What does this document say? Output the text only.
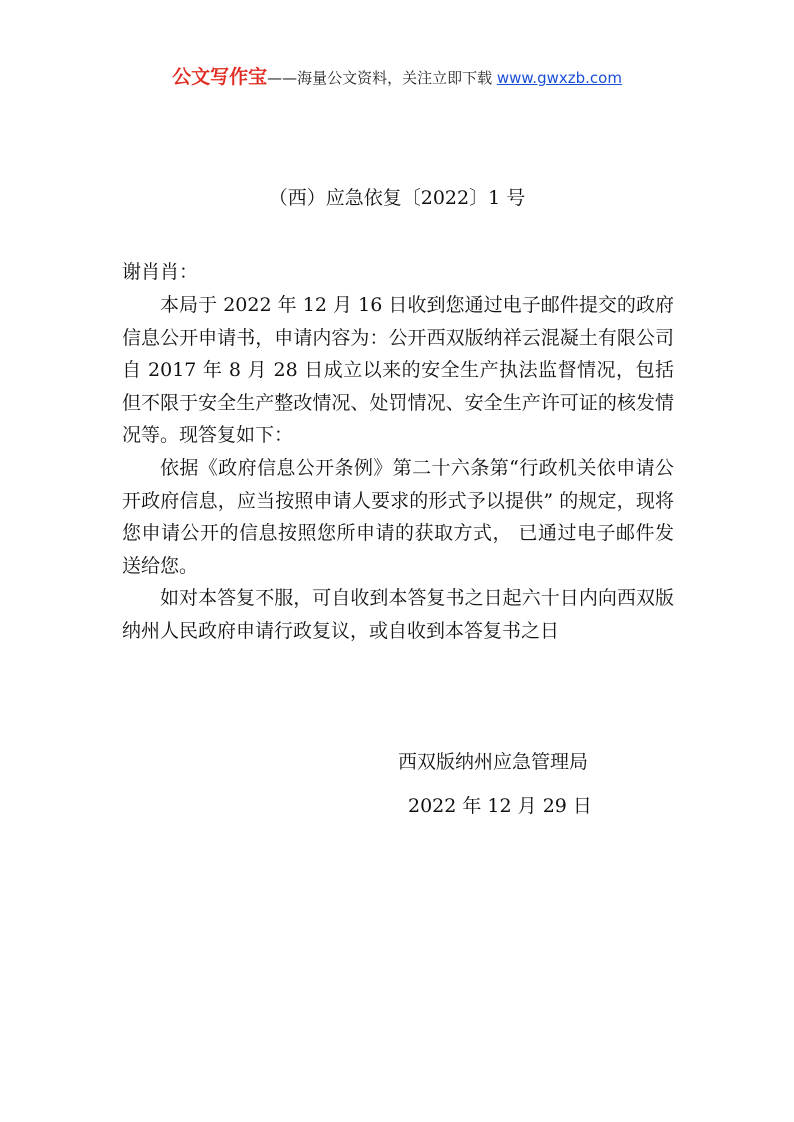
公文写作宝——海量公文资料，关注立即下载 www.gwxzb.com
（西）应急依复〔2022〕1 号
谢肖肖：

本局于 2022 年 12 月 16 日收到您通过电子邮件提交的政府信息公开申请书，申请内容为：公开西双版纳祥云混凝土有限公司自 2017 年 8 月 28 日成立以来的安全生产执法监督情况，包括但不限于安全生产整改情况、处罚情况、安全生产许可证的核发情况等。现答复如下：

依据《政府信息公开条例》第二十六条第“行政机关依申请公开政府信息，应当按照申请人要求的形式予以提供” 的规定，现将您申请公开的信息按照您所申请的获取方式， 已通过电子邮件发送给您。

如对本答复不服，可自收到本答复书之日起六十日内向西双版纳州人民政府申请行政复议，或自收到本答复书之日

西双版纳州应急管理局
2022 年 12 月 29 日
